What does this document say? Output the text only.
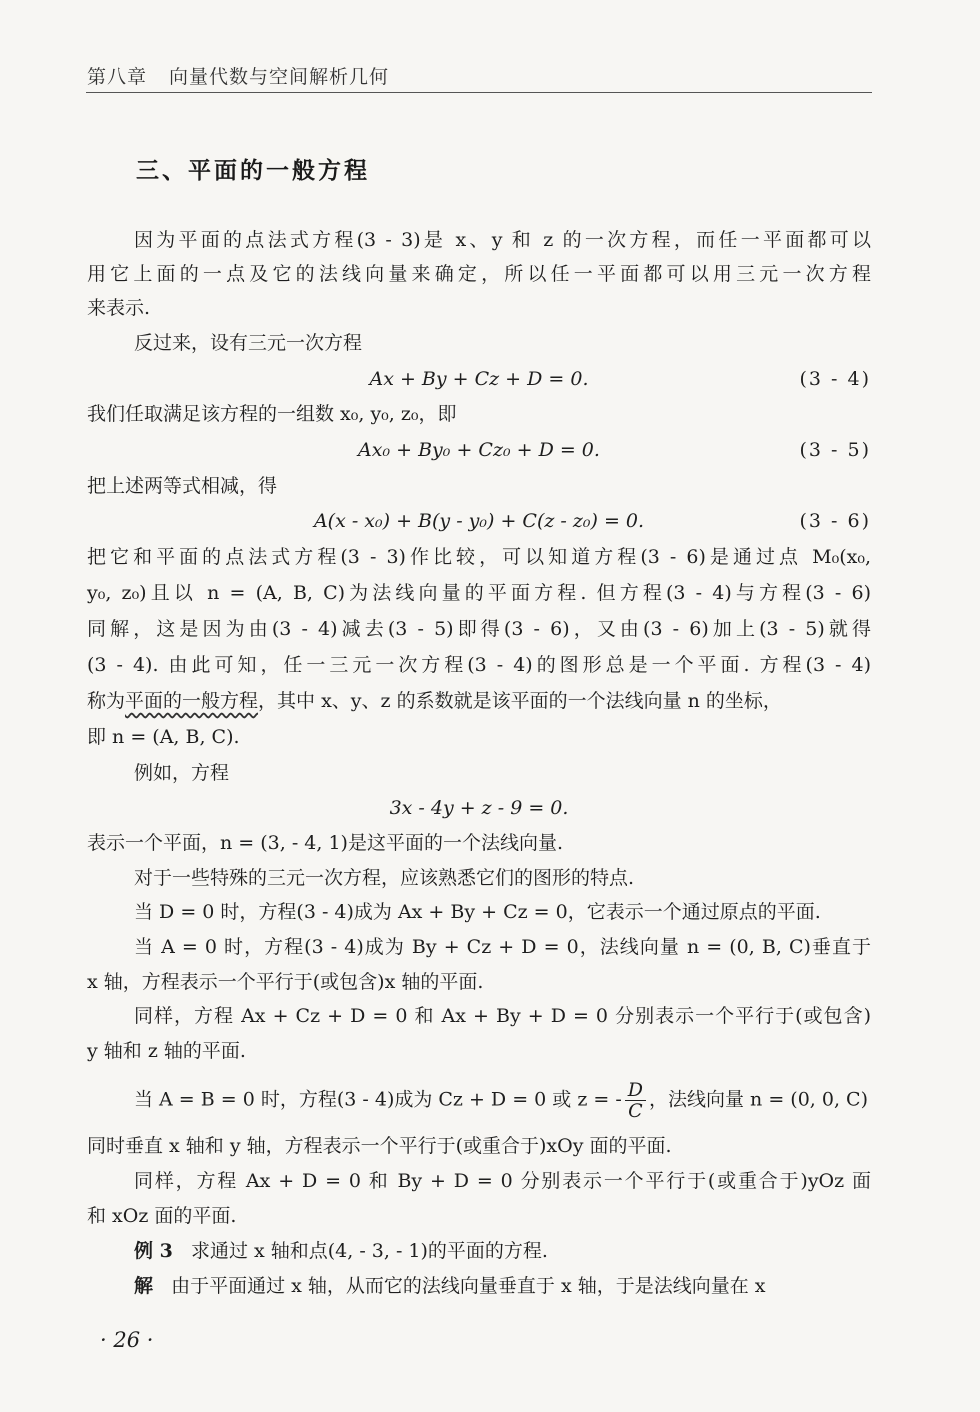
第八章 向量代数与空间解析几何
三、平面的一般方程
因为平面的点法式方程(3 - 3)是 x、y 和 z 的一次方程，而任一平面都可以
用它上面的一点及它的法线向量来确定，所以任一平面都可以用三元一次方程
来表示.
反过来，设有三元一次方程
Ax + By + Cz + D = 0.	(3 - 4)
我们任取满足该方程的一组数 x₀, y₀, z₀，即
Ax₀ + By₀ + Cz₀ + D = 0.	(3 - 5)
把上述两等式相减，得
A(x - x₀) + B(y - y₀) + C(z - z₀) = 0.	(3 - 6)
把它和平面的点法式方程(3 - 3)作比较，可以知道方程(3 - 6)是通过点 M₀(x₀,
y₀, z₀)且以 n = (A, B, C)为法线向量的平面方程. 但方程(3 - 4)与方程(3 - 6)
同解，这是因为由(3 - 4)减去(3 - 5)即得(3 - 6)，又由(3 - 6)加上(3 - 5)就得
(3 - 4). 由此可知，任一三元一次方程(3 - 4)的图形总是一个平面. 方程(3 - 4)
称为平面的一般方程，其中 x、y、z 的系数就是该平面的一个法线向量 n 的坐标，
即 n = (A, B, C).
例如，方程
3x - 4y + z - 9 = 0.
表示一个平面，n = (3, - 4, 1)是这平面的一个法线向量.
对于一些特殊的三元一次方程，应该熟悉它们的图形的特点.
当 D = 0 时，方程(3 - 4)成为 Ax + By + Cz = 0，它表示一个通过原点的平面.
当 A = 0 时，方程(3 - 4)成为 By + Cz + D = 0，法线向量 n = (0, B, C)垂直于
x 轴，方程表示一个平行于(或包含)x 轴的平面.
同样，方程 Ax + Cz + D = 0 和 Ax + By + D = 0 分别表示一个平行于(或包含)
y 轴和 z 轴的平面.
当 A = B = 0 时，方程(3 - 4)成为 Cz + D = 0 或 z = - $\frac{D}{C}$ ，法线向量 n = (0, 0, C)
同时垂直 x 轴和 y 轴，方程表示一个平行于(或重合于)xOy 面的平面.
同样，方程 Ax + D = 0 和 By + D = 0 分别表示一个平行于(或重合于)yOz 面
和 xOz 面的平面.
例 3 求通过 x 轴和点(4, - 3, - 1)的平面的方程.
解 由于平面通过 x 轴，从而它的法线向量垂直于 x 轴，于是法线向量在 x
· 26 ·
